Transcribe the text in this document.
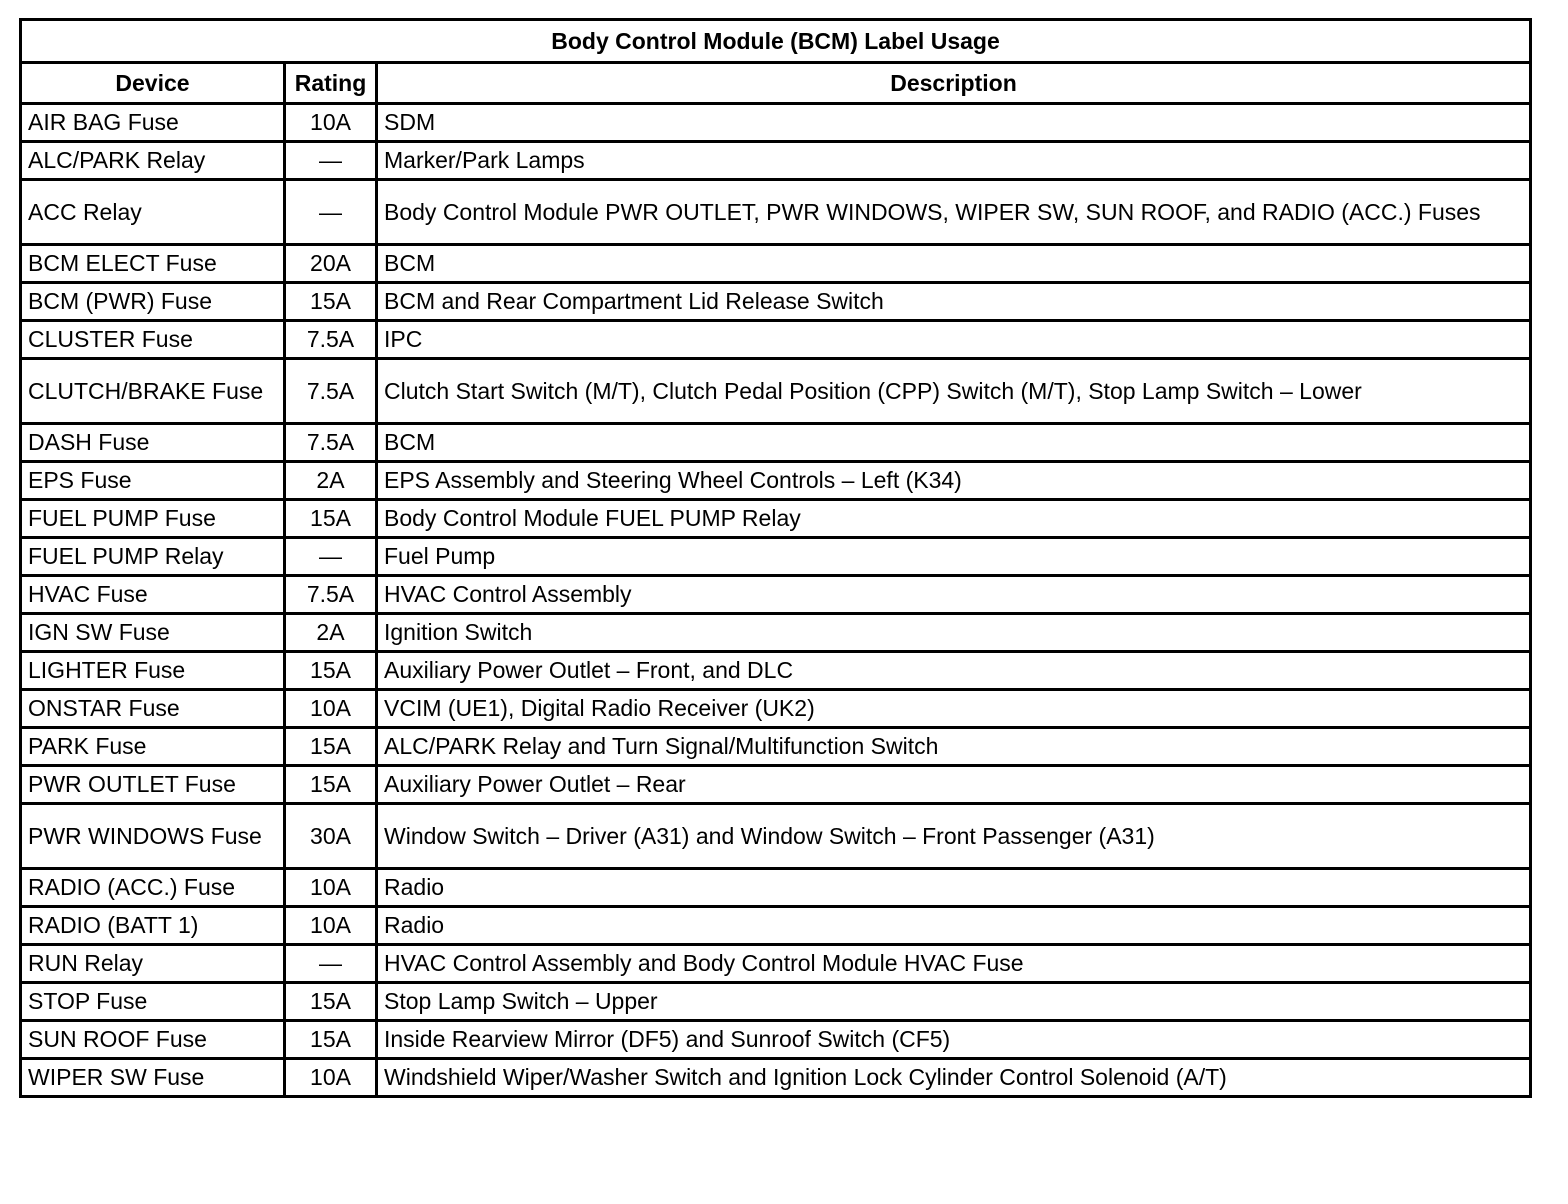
Body Control Module (BCM) Label Usage		
Device	Rating	Description
AIR BAG Fuse	10A	SDM
ALC/PARK Relay	—	Marker/Park Lamps
ACC Relay	—	Body Control Module PWR OUTLET, PWR WINDOWS, WIPER SW, SUN ROOF, and RADIO (ACC.) Fuses
BCM ELECT Fuse	20A	BCM
BCM (PWR) Fuse	15A	BCM and Rear Compartment Lid Release Switch
CLUSTER Fuse	7.5A	IPC
CLUTCH/BRAKE Fuse	7.5A	Clutch Start Switch (M/T), Clutch Pedal Position (CPP) Switch (M/T), Stop Lamp Switch – Lower
DASH Fuse	7.5A	BCM
EPS Fuse	2A	EPS Assembly and Steering Wheel Controls – Left (K34)
FUEL PUMP Fuse	15A	Body Control Module FUEL PUMP Relay
FUEL PUMP Relay	—	Fuel Pump
HVAC Fuse	7.5A	HVAC Control Assembly
IGN SW Fuse	2A	Ignition Switch
LIGHTER Fuse	15A	Auxiliary Power Outlet – Front, and DLC
ONSTAR Fuse	10A	VCIM (UE1), Digital Radio Receiver (UK2)
PARK Fuse	15A	ALC/PARK Relay and Turn Signal/Multifunction Switch
PWR OUTLET Fuse	15A	Auxiliary Power Outlet – Rear
PWR WINDOWS Fuse	30A	Window Switch – Driver (A31) and Window Switch – Front Passenger (A31)
RADIO (ACC.) Fuse	10A	Radio
RADIO (BATT 1)	10A	Radio
RUN Relay	—	HVAC Control Assembly and Body Control Module HVAC Fuse
STOP Fuse	15A	Stop Lamp Switch – Upper
SUN ROOF Fuse	15A	Inside Rearview Mirror (DF5) and Sunroof Switch (CF5)
WIPER SW Fuse	10A	Windshield Wiper/Washer Switch and Ignition Lock Cylinder Control Solenoid (A/T)
